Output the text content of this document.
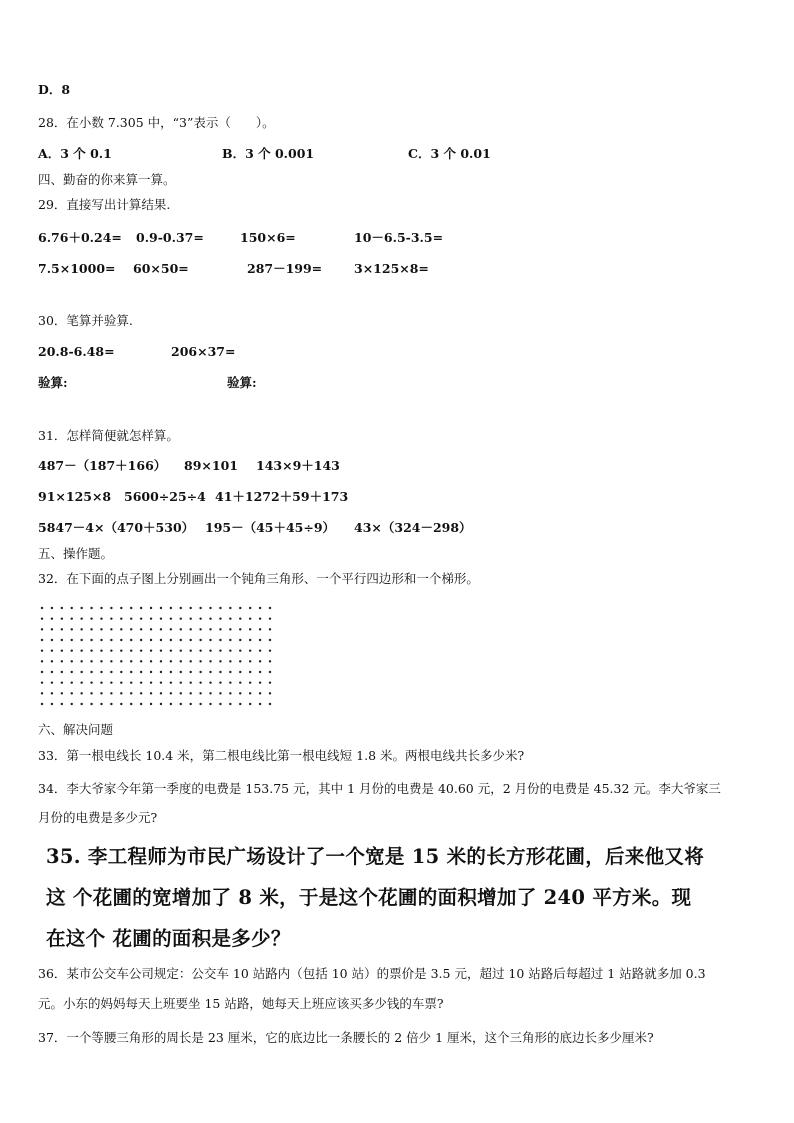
D．8
28．在小数 7.305 中，“3”表示（　　）。
A．3 个 0.1	B．3 个 0.001	C．3 个 0.01
四、勤奋的你来算一算。
29．直接写出计算结果.
6.76＋0.24= 0.9-0.37=	150×6=	10－6.5-3.5=
7.5×1000= 60×50=	287－199=	3×125×8=
30．笔算并验算.
20.8-6.48=	206×37=
验算:	验算:
31．怎样简便就怎样算。
487－（187＋166） 89×101 143×9＋143
91×125×8 5600÷25÷4 41＋1272＋59＋173
5847－4×（470＋530） 195－（45＋45÷9） 43×（324－298）
五、操作题。
32．在下面的点子图上分别画出一个钝角三角形、一个平行四边形和一个梯形。
六、解决问题
33．第一根电线长 10.4 米，第二根电线比第一根电线短 1.8 米。两根电线共长多少米?
34．李大爷家今年第一季度的电费是 153.75 元，其中 1 月份的电费是 40.60 元，2 月份的电费是 45.32 元。李大爷家三
月份的电费是多少元?
35. 李工程师为市民广场设计了一个宽是 15 米的长方形花圃，后来他又将
这 个花圃的宽增加了 8 米，于是这个花圃的面积增加了 240 平方米。现
在这个 花圃的面积是多少？
36．某市公交车公司规定：公交车 10 站路内（包括 10 站）的票价是 3.5 元，超过 10 站路后每超过 1 站路就多加 0.3
元。小东的妈妈每天上班要坐 15 站路，她每天上班应该买多少钱的车票?
37．一个等腰三角形的周长是 23 厘米，它的底边比一条腰长的 2 倍少 1 厘米，这个三角形的底边长多少厘米?
